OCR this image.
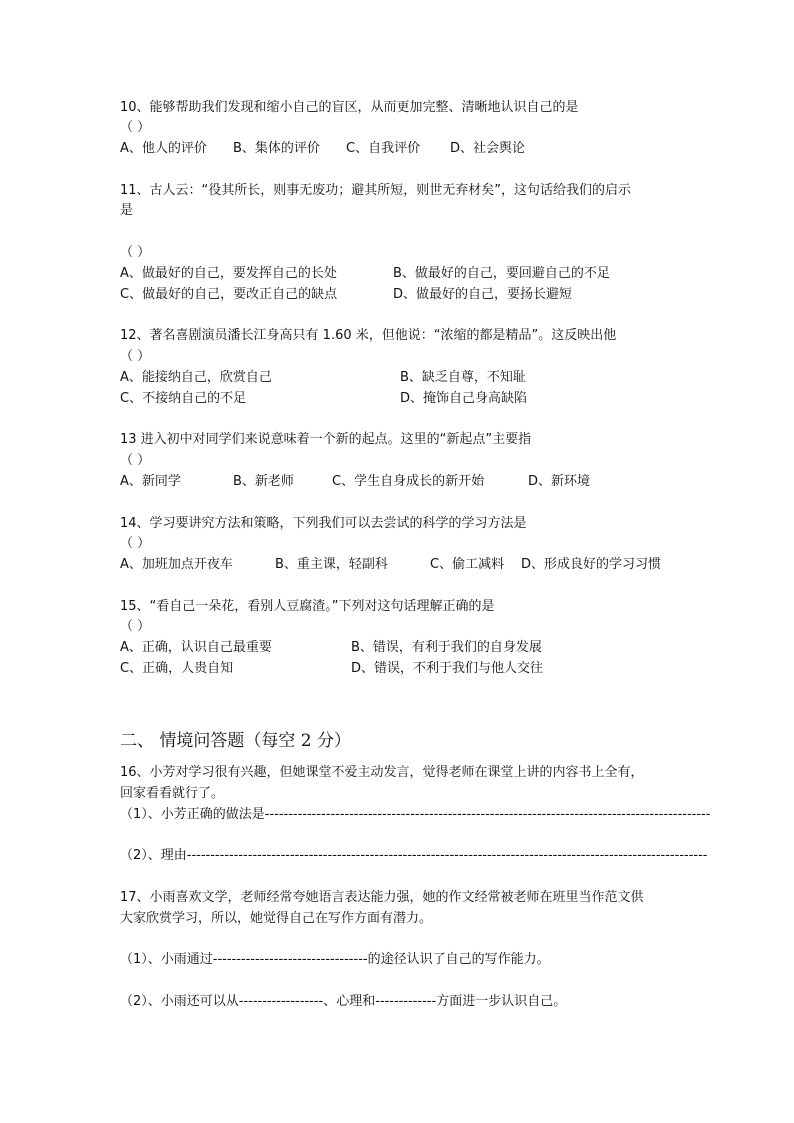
10、能够帮助我们发现和缩小自己的盲区，从而更加完整、清晰地认识自己的是

（ ）

A、他人的评价 B、集体的评价 C、自我评价 D、社会舆论

11、古人云：“役其所长，则事无废功；避其所短，则世无弃材矣”，这句话给我们的启示

是

（ ）

A、做最好的自己，要发挥自己的长处	B、做最好的自己，要回避自己的不足
C、做最好的自己，要改正自己的缺点	D、做最好的自己，要扬长避短

12、著名喜剧演员潘长江身高只有 1.60 米，但他说：“浓缩的都是精品”。这反映出他

（ ）

A、能接纳自己，欣赏自己	B、缺乏自尊，不知耻
C、不接纳自己的不足	D、掩饰自己身高缺陷

13 进入初中对同学们来说意味着一个新的起点。这里的“新起点”主要指

（ ）

A、新同学	B、新老师	C、学生自身成长的新开始	D、新环境

14、学习要讲究方法和策略，下列我们可以去尝试的科学的学习方法是

（ ）

A、加班加点开夜车	B、重主课，轻副科	C、偷工减料 D、形成良好的学习习惯

15、“看自己一朵花，看别人豆腐渣。”下列对这句话理解正确的是

（ ）

A、正确，认识自己最重要	B、错误，有利于我们的自身发展
C、正确，人贵自知	D、错误，不利于我们与他人交往
二、 情境问答题（每空 2 分）

16、小芳对学习很有兴趣，但她课堂不爱主动发言，觉得老师在课堂上讲的内容书上全有，

回家看看就行了。

（1）、小芳正确的做法是-----------------------------------------------------------------------------------------------

（2）、理由---------------------------------------------------------------------------------------------------------------

17、小雨喜欢文学，老师经常夸她语言表达能力强，她的作文经常被老师在班里当作范文供

大家欣赏学习，所以，她觉得自己在写作方面有潜力。

（1）、小雨通过---------------------------------的途径认识了自己的写作能力。

（2）、小雨还可以从------------------、心理和-------------方面进一步认识自己。
